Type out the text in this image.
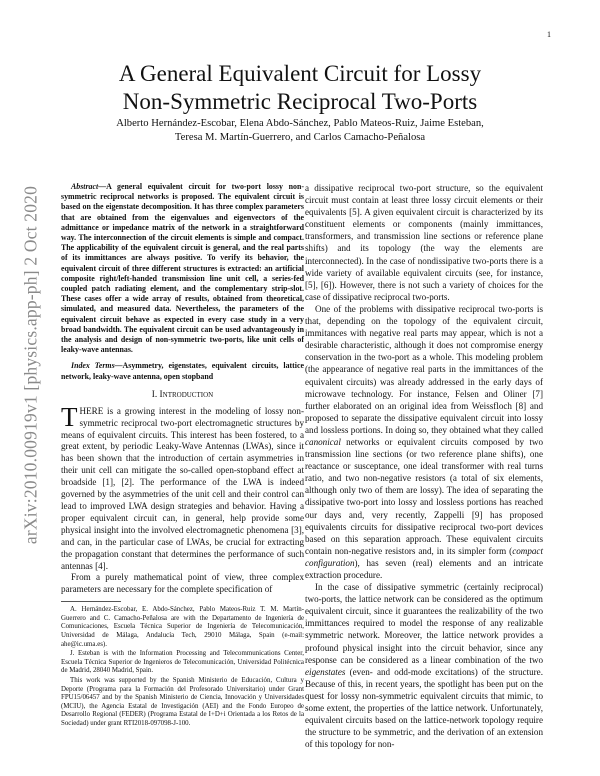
1
arXiv:2010.00919v1 [physics.app-ph] 2 Oct 2020
A General Equivalent Circuit for Lossy
Non-Symmetric Reciprocal Two-Ports
Alberto Hernández-Escobar, Elena Abdo-Sánchez, Pablo Mateos-Ruiz, Jaime Esteban,
Teresa M. Martín-Guerrero, and Carlos Camacho-Peñalosa

Abstract—A general equivalent circuit for two-port lossy non-symmetric reciprocal networks is proposed. The equivalent circuit is based on the eigenstate decomposition. It has three complex parameters that are obtained from the eigenvalues and eigenvectors of the admittance or impedance matrix of the network in a straightforward way. The interconnection of the circuit elements is simple and compact. The applicability of the equivalent circuit is general, and the real parts of its immittances are always positive. To verify its behavior, the equivalent circuit of three different structures is extracted: an artificial composite right/left-handed transmission line unit cell, a series-fed coupled patch radiating element, and the complementary strip-slot. These cases offer a wide array of results, obtained from theoretical, simulated, and measured data. Nevertheless, the parameters of the equivalent circuit behave as expected in every case study in a very broad bandwidth. The equivalent circuit can be used advantageously in the analysis and design of non-symmetric two-ports, like unit cells of leaky-wave antennas.

Index Terms—Asymmetry, eigenstates, equivalent circuits, lattice network, leaky-wave antenna, open stopband

I. Introduction

THERE is a growing interest in the modeling of lossy non-symmetric reciprocal two-port electromagnetic structures by means of equivalent circuits. This interest has been fostered, to a great extent, by periodic Leaky-Wave Antennas (LWAs), since it has been shown that the introduction of certain asymmetries in their unit cell can mitigate the so-called open-stopband effect at broadside [1], [2]. The performance of the LWA is indeed governed by the asymmetries of the unit cell and their control can lead to improved LWA design strategies and behavior. Having a proper equivalent circuit can, in general, help provide some physical insight into the involved electromagnetic phenomena [3], and can, in the particular case of LWAs, be crucial for extracting the propagation constant that determines the performance of such antennas [4].

From a purely mathematical point of view, three complex parameters are necessary for the complete specification of

A. Hernández-Escobar, E. Abdo-Sánchez, Pablo Mateos-Ruiz T. M. Martín-Guerrero and C. Camacho-Peñalosa are with the Departamento de Ingeniería de Comunicaciones, Escuela Técnica Superior de Ingeniería de Telecomunicación, Universidad de Málaga, Andalucía Tech, 29010 Málaga, Spain (e-mail: ahe@ic.uma.es).

J. Esteban is with the Information Processing and Telecommunications Center, Escuela Técnica Superior de Ingenieros de Telecomunicación, Universidad Politécnica de Madrid, 28040 Madrid, Spain.

This work was supported by the Spanish Ministerio de Educación, Cultura y Deporte (Programa para la Formación del Profesorado Universitario) under Grant FPU15/06457 and by the Spanish Ministerio de Ciencia, Innovación y Universidades (MCIU), the Agencia Estatal de Investigación (AEI) and the Fondo Europeo de Desarrollo Regional (FEDER) (Programa Estatal de I+D+i Orientada a los Retos de la Sociedad) under grant RTI2018-097098-J-100.

a dissipative reciprocal two-port structure, so the equivalent circuit must contain at least three lossy circuit elements or their equivalents [5]. A given equivalent circuit is characterized by its constituent elements or components (mainly immittances, transformers, and transmission line sections or reference plane shifts) and its topology (the way the elements are interconnected). In the case of nondissipative two-ports there is a wide variety of available equivalent circuits (see, for instance, [5], [6]). However, there is not such a variety of choices for the case of dissipative reciprocal two-ports.

One of the problems with dissipative reciprocal two-ports is that, depending on the topology of the equivalent circuit, immitances with negative real parts may appear, which is not a desirable characteristic, although it does not compromise energy conservation in the two-port as a whole. This modeling problem (the appearance of negative real parts in the immittances of the equivalent circuits) was already addressed in the early days of microwave technology. For instance, Felsen and Oliner [7] further elaborated on an original idea from Weissfloch [8] and proposed to separate the dissipative equivalent circuit into lossy and lossless portions. In doing so, they obtained what they called canonical networks or equivalent circuits composed by two transmission line sections (or two reference plane shifts), one reactance or susceptance, one ideal transformer with real turns ratio, and two non-negative resistors (a total of six elements, although only two of them are lossy). The idea of separating the dissipative two-port into lossy and lossless portions has reached our days and, very recently, Zappelli [9] has proposed equivalents circuits for dissipative reciprocal two-port devices based on this separation approach. These equivalent circuits contain non-negative resistors and, in its simpler form (compact configuration), has seven (real) elements and an intricate extraction procedure.

In the case of dissipative symmetric (certainly reciprocal) two-ports, the lattice network can be considered as the optimum equivalent circuit, since it guarantees the realizability of the two immittances required to model the response of any realizable symmetric network. Moreover, the lattice network provides a profound physical insight into the circuit behavior, since any response can be considered as a linear combination of the two eigenstates (even- and odd-mode excitations) of the structure. Because of this, in recent years, the spotlight has been put on the quest for lossy non-symmetric equivalent circuits that mimic, to some extent, the properties of the lattice network. Unfortunately, equivalent circuits based on the lattice-network topology require the structure to be symmetric, and the derivation of an extension of this topology for non-
